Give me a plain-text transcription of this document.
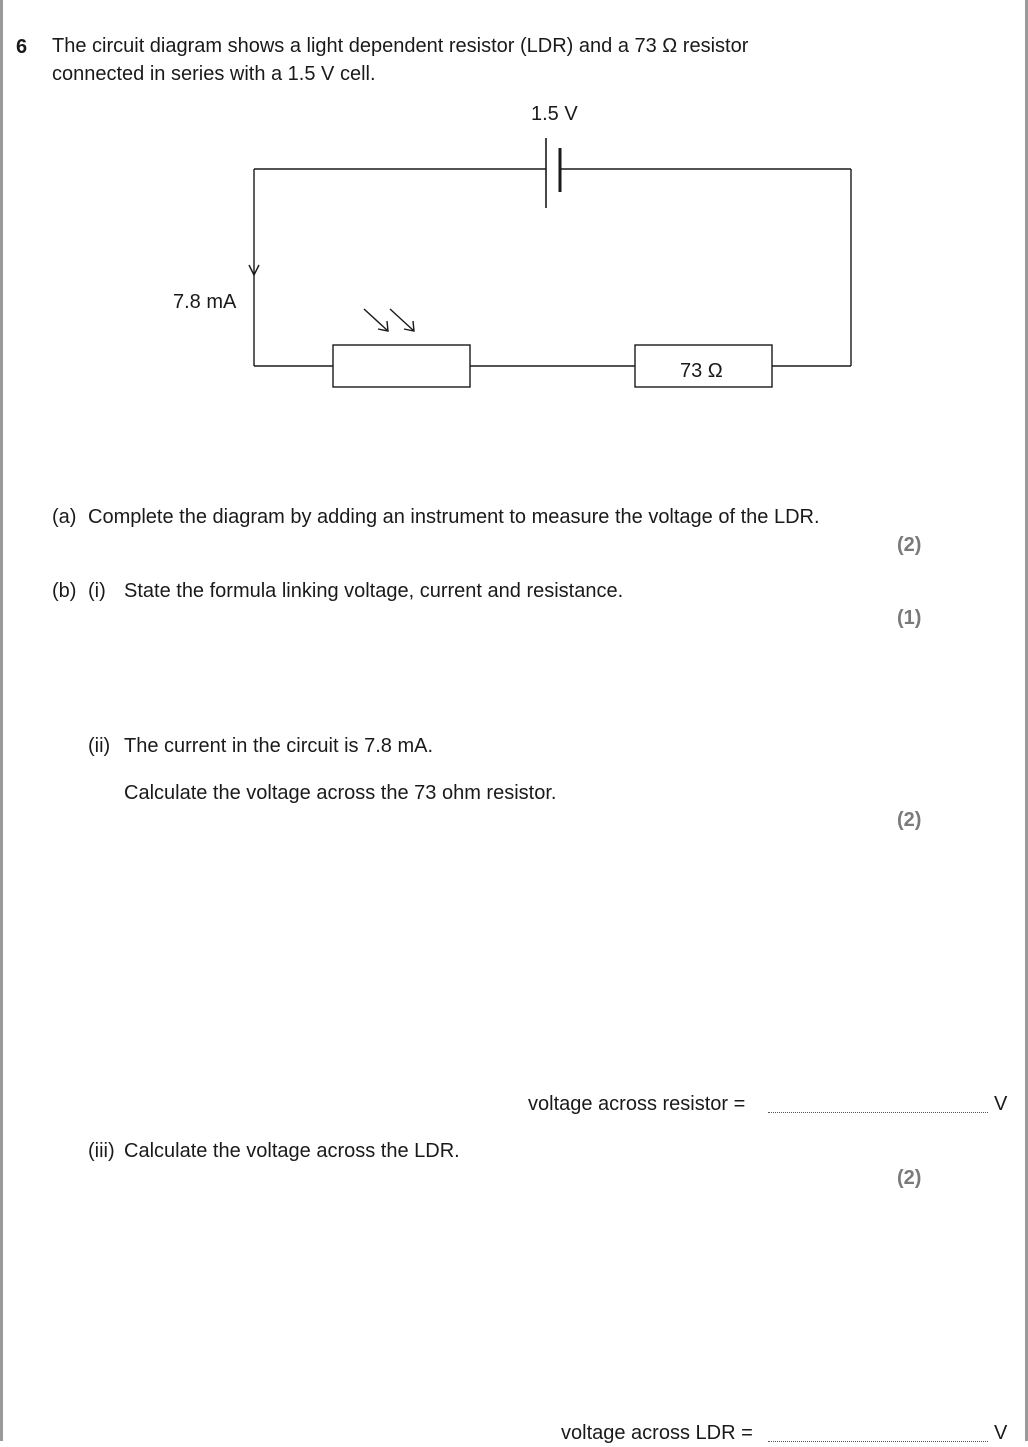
6 The circuit diagram shows a light dependent resistor (LDR) and a 73 Ω resistor
connected in series with a 1.5 V cell.
1.5 V
7.8 mA
73 Ω
(a) Complete the diagram by adding an instrument to measure the voltage of the LDR.
(2)
(b) (i) State the formula linking voltage, current and resistance.
(1)
(ii) The current in the circuit is 7.8 mA.
Calculate the voltage across the 73 ohm resistor.
(2)
voltage across resistor =	V
(iii) Calculate the voltage across the LDR.
(2)
voltage across LDR =	V
